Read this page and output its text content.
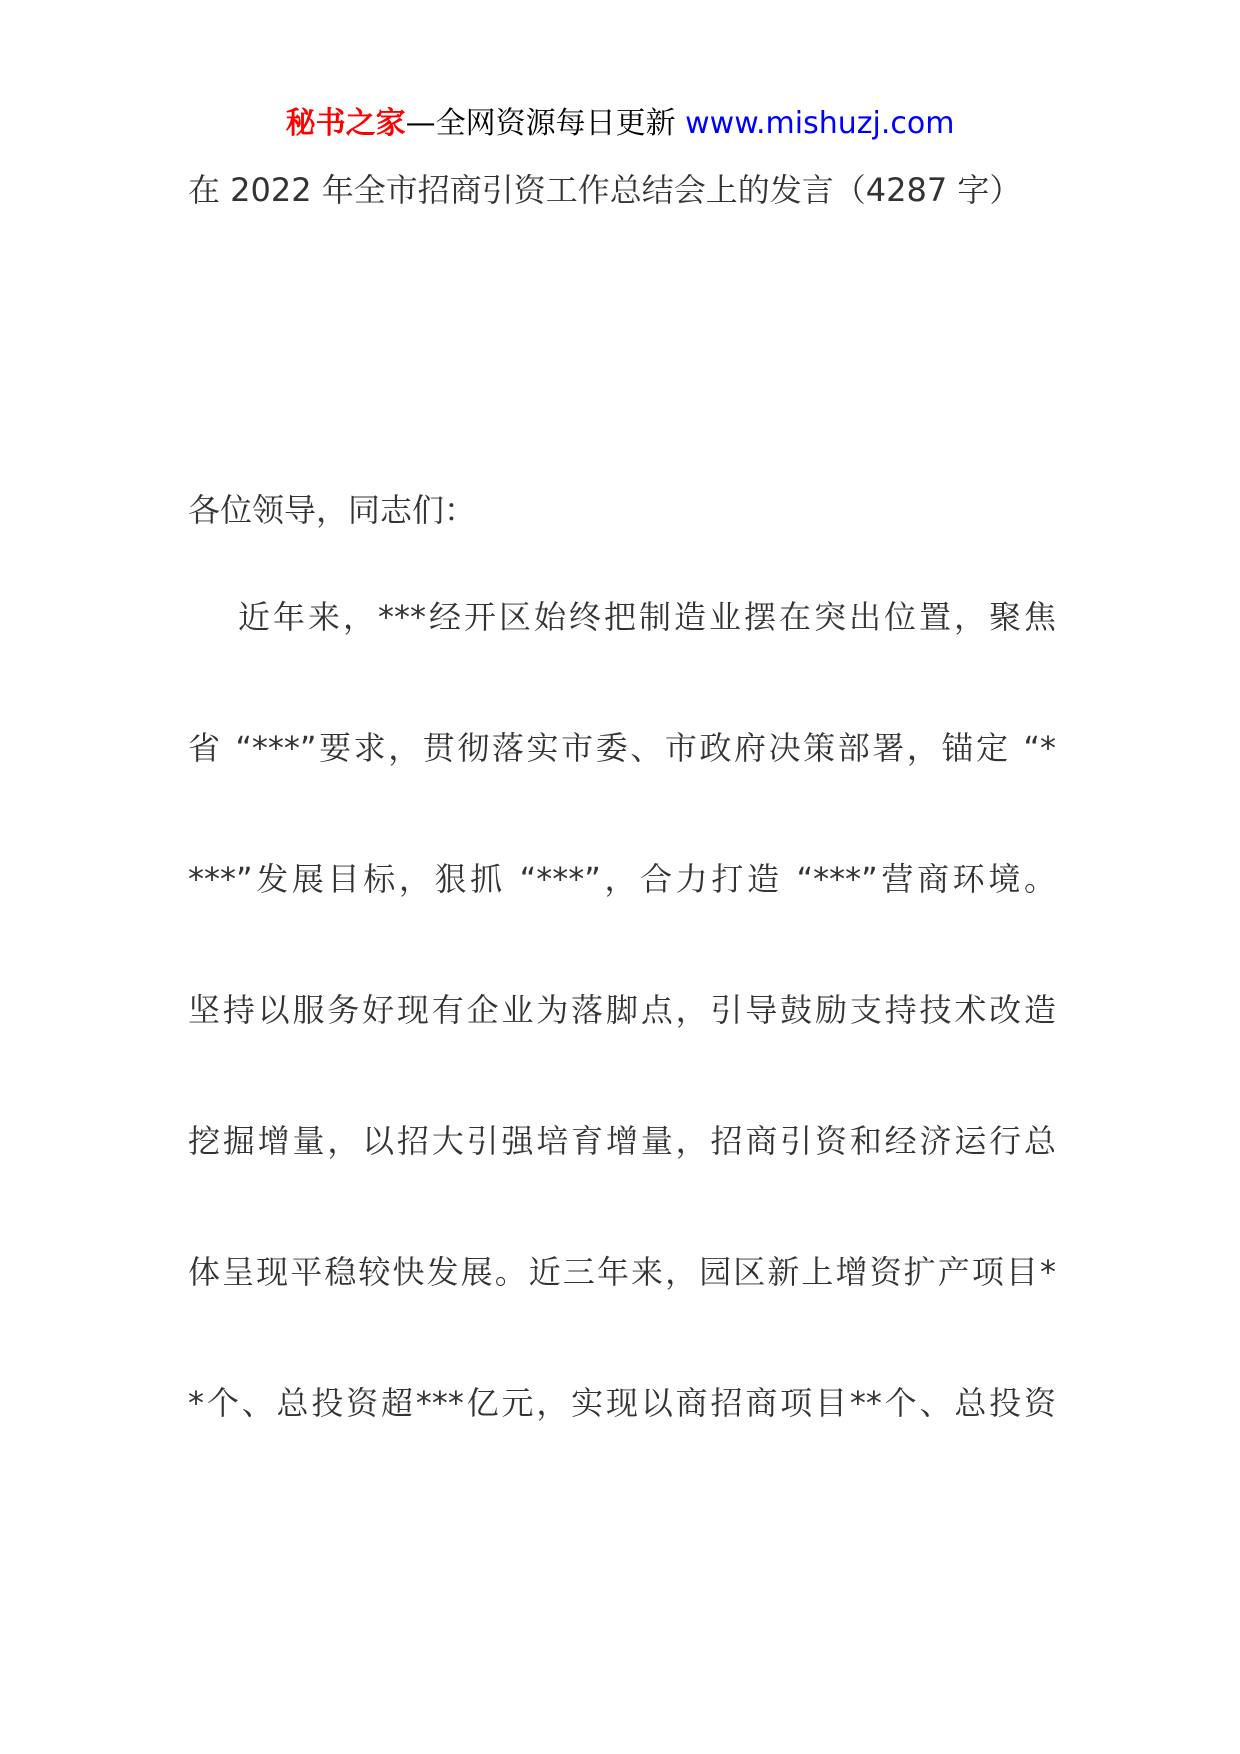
秘书之家—全网资源每日更新 www.mishuzj.com
在 2022 年全市招商引资工作总结会上的发言（4287 字）
各位领导，同志们：
近年来，***经开区始终把制造业摆在突出位置，聚焦
省 “***”要求，贯彻落实市委、市政府决策部署，锚定 “*
***”发展目标，狠抓 “***”，合力打造 “***”营商环境。
坚持以服务好现有企业为落脚点，引导鼓励支持技术改造
挖掘增量，以招大引强培育增量，招商引资和经济运行总
体呈现平稳较快发展。近三年来，园区新上增资扩产项目*
*个、总投资超***亿元，实现以商招商项目**个、总投资
